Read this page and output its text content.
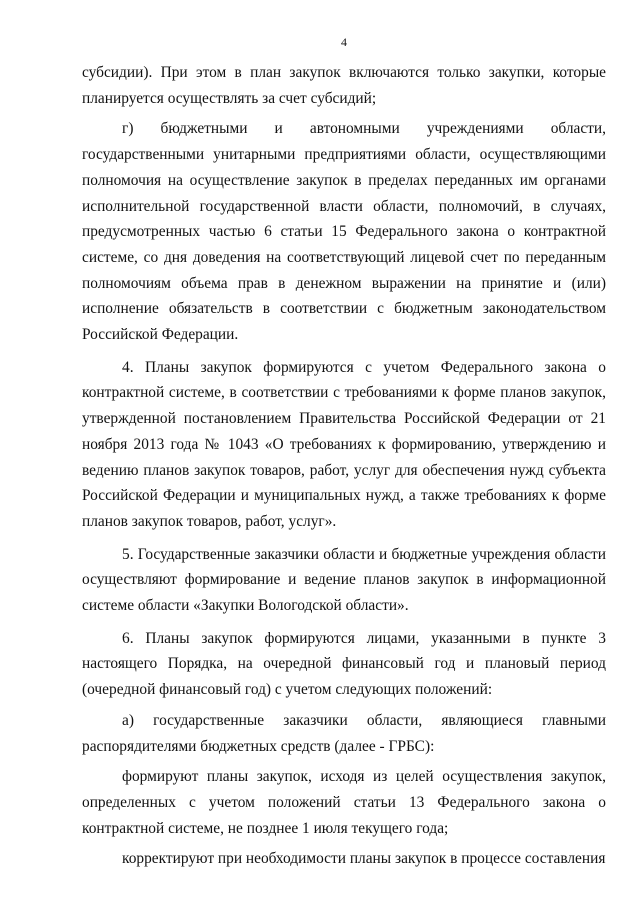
4

субсидии). При этом в план закупок включаются только закупки, которые планируется осуществлять за счет субсидий;

г) бюджетными и автономными учреждениями области, государственными унитарными предприятиями области, осуществляющими полномочия на осуществление закупок в пределах переданных им органами исполнительной государственной власти области, полномочий, в случаях, предусмотренных частью 6 статьи 15 Федерального закона о контрактной системе, со дня доведения на соответствующий лицевой счет по переданным полномочиям объема прав в денежном выражении на принятие и (или) исполнение обязательств в соответствии с бюджетным законодательством Российской Федерации.

4. Планы закупок формируются с учетом Федерального закона о контрактной системе, в соответствии с требованиями к форме планов закупок, утвержденной постановлением Правительства Российской Федерации от 21 ноября 2013 года № 1043 «О требованиях к формированию, утверждению и ведению планов закупок товаров, работ, услуг для обеспечения нужд субъекта Российской Федерации и муниципальных нужд, а также требованиях к форме планов закупок товаров, работ, услуг».

5. Государственные заказчики области и бюджетные учреждения области осуществляют формирование и ведение планов закупок в информационной системе области «Закупки Вологодской области».

6. Планы закупок формируются лицами, указанными в пункте 3 настоящего Порядка, на очередной финансовый год и плановый период (очередной финансовый год) с учетом следующих положений:

а) государственные заказчики области, являющиеся главными распорядителями бюджетных средств (далее - ГРБС):

формируют планы закупок, исходя из целей осуществления закупок, определенных с учетом положений статьи 13 Федерального закона о контрактной системе, не позднее 1 июля текущего года;

корректируют при необходимости планы закупок в процессе составления
